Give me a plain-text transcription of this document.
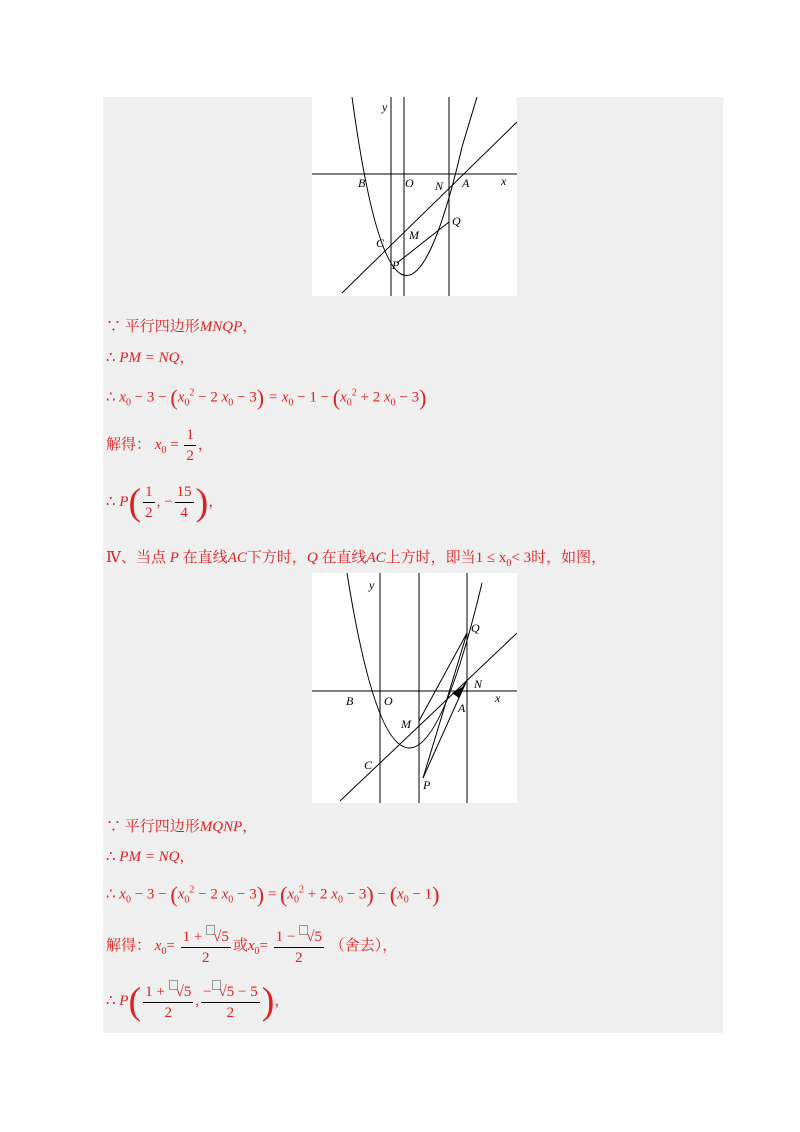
y
x
B	O N A
Q
C
M
P
∵ 平行四边形MNQP，
∴ PM = NQ，
∴ $x_0 - 3 - (x_0^2 - 2$ $x_0 - 3) = x_0 - 1 - (x_0^2 + 2$ $x_0 - 3$)
解得： $x_0 = \frac{1}{2}$ ，
∴ $P( \frac{1}{2}$ , − $\frac{15}{4}$ )，
Ⅳ、当点 P 在直线AC下方时，Q 在直线AC上方时，即当$1 \le x_0< 3$时，如图，
y
x
B	O
N
A
Q
C
M
P
∵ 平行四边形MQNP，
∴ PM = NQ，
∴ $x_0 - 3 - (x_0^2 - 2$ $x_0 - 3) = (x_0^2 + 2$ $x_0 - 3) - (x_0 - 1)$
解得： $x_0= \frac{1 + √5}{2}$ 或$x_0= \frac{1 - √5}{2}$ （舍去），
∴ $P( \frac{1 + √5}{2}$ , $\frac{- √5 - 5}{2}$ )，
